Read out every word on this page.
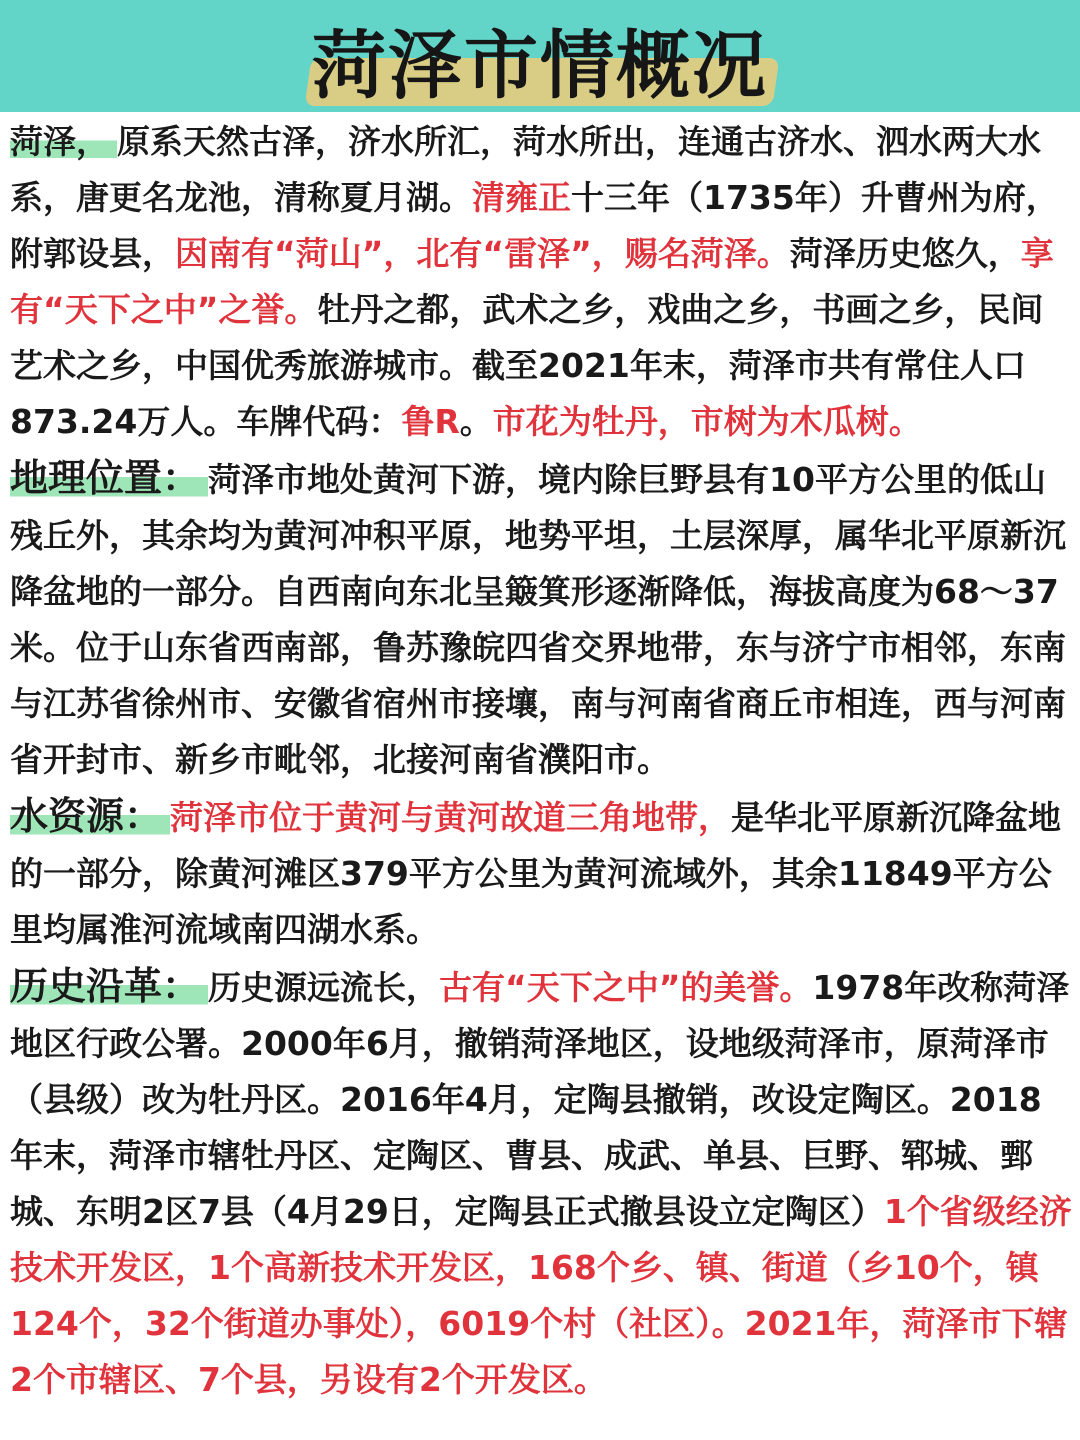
菏泽市情概况

菏泽， 原系天然古泽，济水所汇，菏水所出，连通古济水、泗水两大水系，唐更名龙池，清称夏月湖。清雍正十三年（1735年）升曹州为府，附郭设县，因南有“菏山”，北有“雷泽”，赐名菏泽。菏泽历史悠久，享有“天下之中”之誉。牡丹之都，武术之乡，戏曲之乡，书画之乡，民间艺术之乡，中国优秀旅游城市。截至2021年末，菏泽市共有常住人口873.24万人。车牌代码：鲁R。市花为牡丹，市树为木瓜树。

地理位置： 菏泽市地处黄河下游，境内除巨野县有10平方公里的低山残丘外，其余均为黄河冲积平原，地势平坦，土层深厚，属华北平原新沉降盆地的一部分。自西南向东北呈簸箕形逐渐降低，海拔高度为68～37米。位于山东省西南部，鲁苏豫皖四省交界地带，东与济宁市相邻，东南与江苏省徐州市、安徽省宿州市接壤，南与河南省商丘市相连，西与河南省开封市、新乡市毗邻，北接河南省濮阳市。

水资源： 菏泽市位于黄河与黄河故道三角地带，是华北平原新沉降盆地的一部分，除黄河滩区379平方公里为黄河流域外，其余11849平方公里均属淮河流域南四湖水系。

历史沿革： 历史源远流长，古有“天下之中”的美誉。1978年改称菏泽地区行政公署。2000年6月，撤销菏泽地区，设地级菏泽市，原菏泽市（县级）改为牡丹区。2016年4月，定陶县撤销，改设定陶区。2018年末，菏泽市辖牡丹区、定陶区、曹县、成武、单县、巨野、郓城、鄄城、东明2区7县（4月29日，定陶县正式撤县设立定陶区）1个省级经济技术开发区，1个高新技术开发区，168个乡、镇、街道（乡10个，镇124个，32个街道办事处），6019个村（社区）。2021年，菏泽市下辖2个市辖区、7个县，另设有2个开发区。
